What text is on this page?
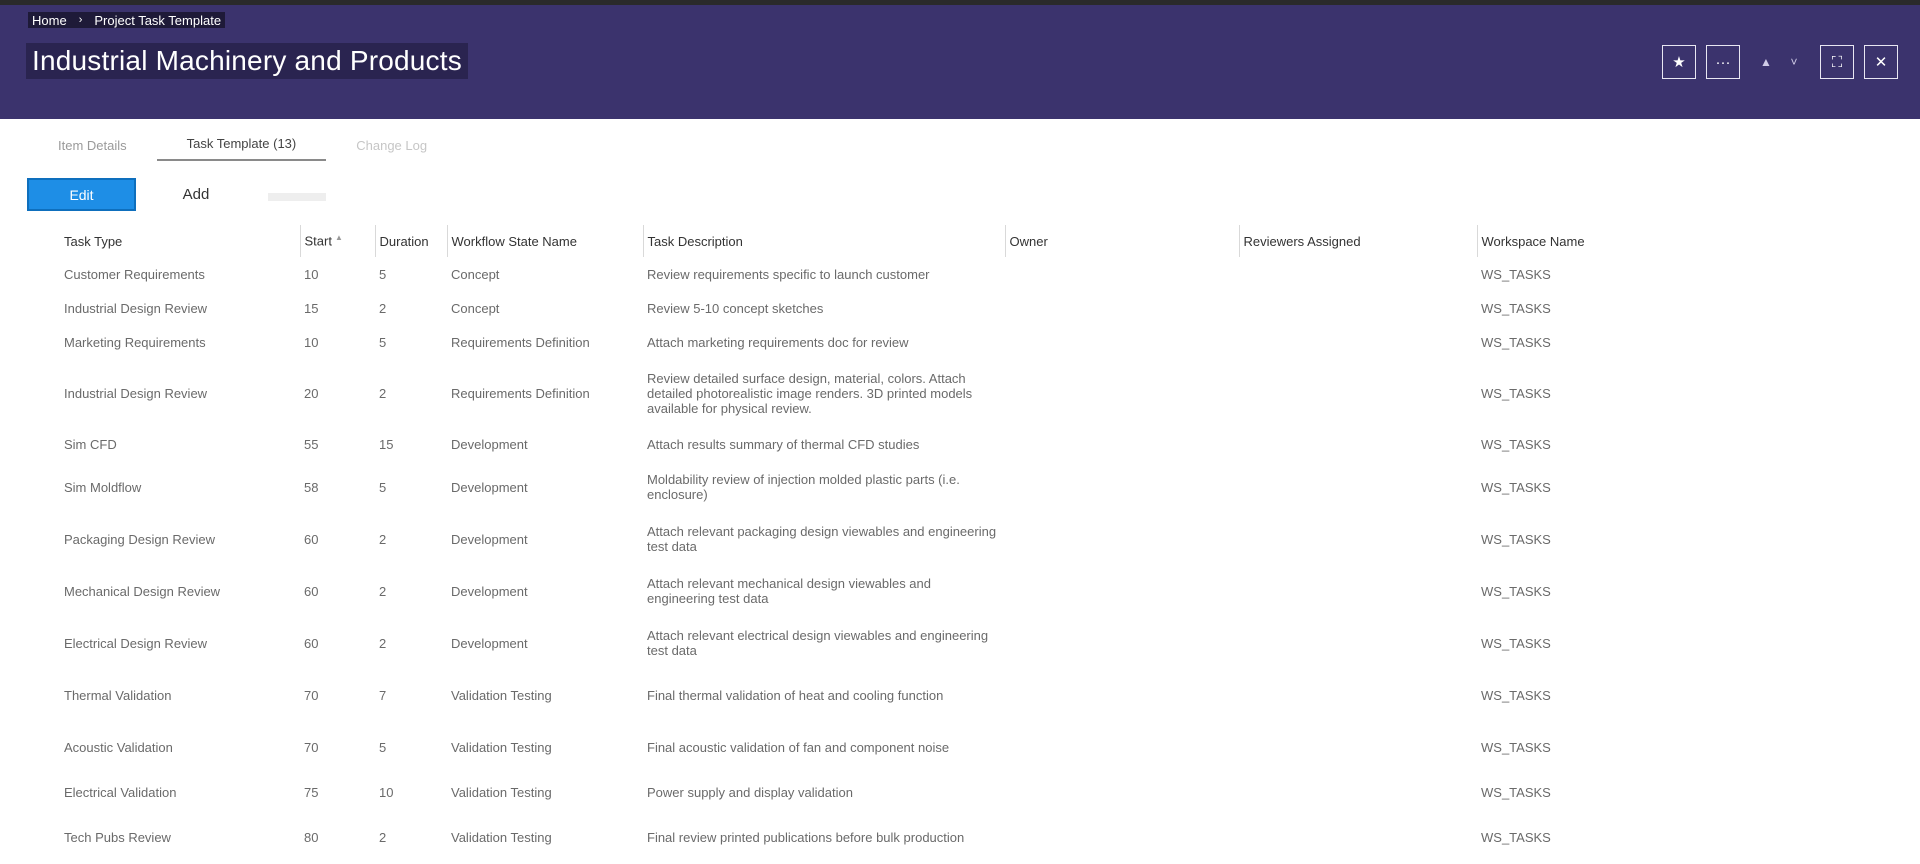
Home › Project Task Template
Industrial Machinery and Products	★ ··· ▲ ˅ ⛶ ✕
Item Details	Task Template (13)	Change Log
Edit	Add
Task Type	Start ▲	Duration	Workflow State Name	Task Description	Owner	Reviewers Assigned	Workspace Name
Customer Requirements	10	5	Concept	Review requirements specific to launch customer			WS_TASKS
Industrial Design Review	15	2	Concept	Review 5-10 concept sketches			WS_TASKS
Marketing Requirements	10	5	Requirements Definition	Attach marketing requirements doc for review			WS_TASKS
Industrial Design Review	20	2	Requirements Definition	Review detailed surface design, material, colors. Attach detailed photorealistic image renders. 3D printed models available for physical review.			WS_TASKS
Sim CFD	55	15	Development	Attach results summary of thermal CFD studies			WS_TASKS
Sim Moldflow	58	5	Development	Moldability review of injection molded plastic parts (i.e. enclosure)			WS_TASKS
Packaging Design Review	60	2	Development	Attach relevant packaging design viewables and engineering test data			WS_TASKS
Mechanical Design Review	60	2	Development	Attach relevant mechanical design viewables and engineering test data			WS_TASKS
Electrical Design Review	60	2	Development	Attach relevant electrical design viewables and engineering test data			WS_TASKS
Thermal Validation	70	7	Validation Testing	Final thermal validation of heat and cooling function			WS_TASKS
Acoustic Validation	70	5	Validation Testing	Final acoustic validation of fan and component noise			WS_TASKS
Electrical Validation	75	10	Validation Testing	Power supply and display validation			WS_TASKS
Tech Pubs Review	80	2	Validation Testing	Final review printed publications before bulk production			WS_TASKS
